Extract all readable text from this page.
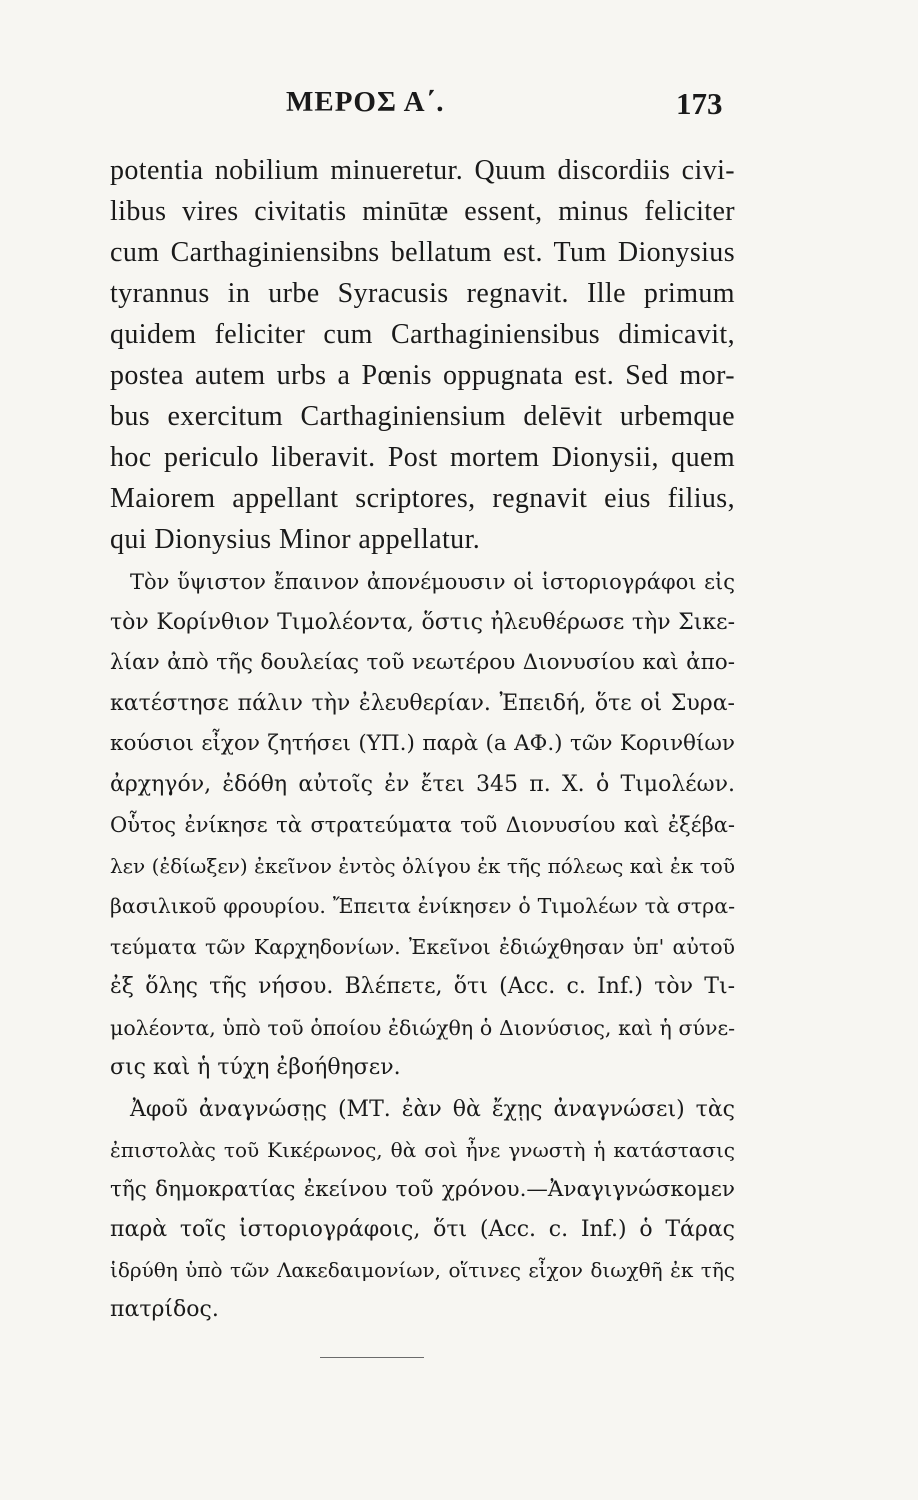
ΜΕΡΟΣ Α΄.	173
potentia nobilium minueretur. Quum discordiis civi-
libus vires civitatis minūtæ essent, minus feliciter
cum Carthaginiensibns bellatum est. Tum Dionysius
tyrannus in urbe Syracusis regnavit. Ille primum
quidem feliciter cum Carthaginiensibus dimicavit,
postea autem urbs a Pœnis oppugnata est. Sed mor-
bus exercitum Carthaginiensium delēvit urbemque
hoc periculo liberavit. Post mortem Dionysii, quem
Maiorem appellant scriptores, regnavit eius filius,
qui Dionysius Minor appellatur.
Τὸν ὕψιστον ἔπαινον ἀπονέμουσιν οἱ ἱστοριογράφοι εἰς
τὸν Κορίνθιον Τιμολέοντα, ὅστις ἠλευθέρωσε τὴν Σικε-
λίαν ἀπὸ τῆς δουλείας τοῦ νεωτέρου Διονυσίου καὶ ἀπο-
κατέστησε πάλιν τὴν ἐλευθερίαν. Ἐπειδή, ὅτε οἱ Συρα-
κούσιοι εἶχον ζητήσει (ΥΠ.) παρὰ (a ΑΦ.) τῶν Κορινθίων
ἀρχηγόν, ἐδόθη αὐτοῖς ἐν ἔτει 345 π. Χ. ὁ Τιμολέων.
Οὗτος ἐνίκησε τὰ στρατεύματα τοῦ Διονυσίου καὶ ἐξέβα-
λεν (ἐδίωξεν) ἐκεῖνον ἐντὸς ὀλίγου ἐκ τῆς πόλεως καὶ ἐκ τοῦ
βασιλικοῦ φρουρίου. Ἔπειτα ἐνίκησεν ὁ Τιμολέων τὰ στρα-
τεύματα τῶν Καρχηδονίων. Ἐκεῖνοι ἐδιώχθησαν ὑπ' αὐτοῦ
ἐξ ὅλης τῆς νήσου. Βλέπετε, ὅτι (Acc. c. Inf.) τὸν Τι-
μολέοντα, ὑπὸ τοῦ ὁποίου ἐδιώχθη ὁ Διονύσιος, καὶ ἡ σύνε-
σις καὶ ἡ τύχη ἐβοήθησεν.
Ἀφοῦ ἀναγνώσῃς (ΜΤ. ἐὰν θὰ ἔχῃς ἀναγνώσει) τὰς
ἐπιστολὰς τοῦ Κικέρωνος, θὰ σοὶ ἦνε γνωστὴ ἡ κατάστασις
τῆς δημοκρατίας ἐκείνου τοῦ χρόνου.—Ἀναγιγνώσκομεν
παρὰ τοῖς ἱστοριογράφοις, ὅτι (Acc. c. Inf.) ὁ Τάρας
ἱδρύθη ὑπὸ τῶν Λακεδαιμονίων, οἵτινες εἶχον διωχθῆ ἐκ τῆς
πατρίδος.
